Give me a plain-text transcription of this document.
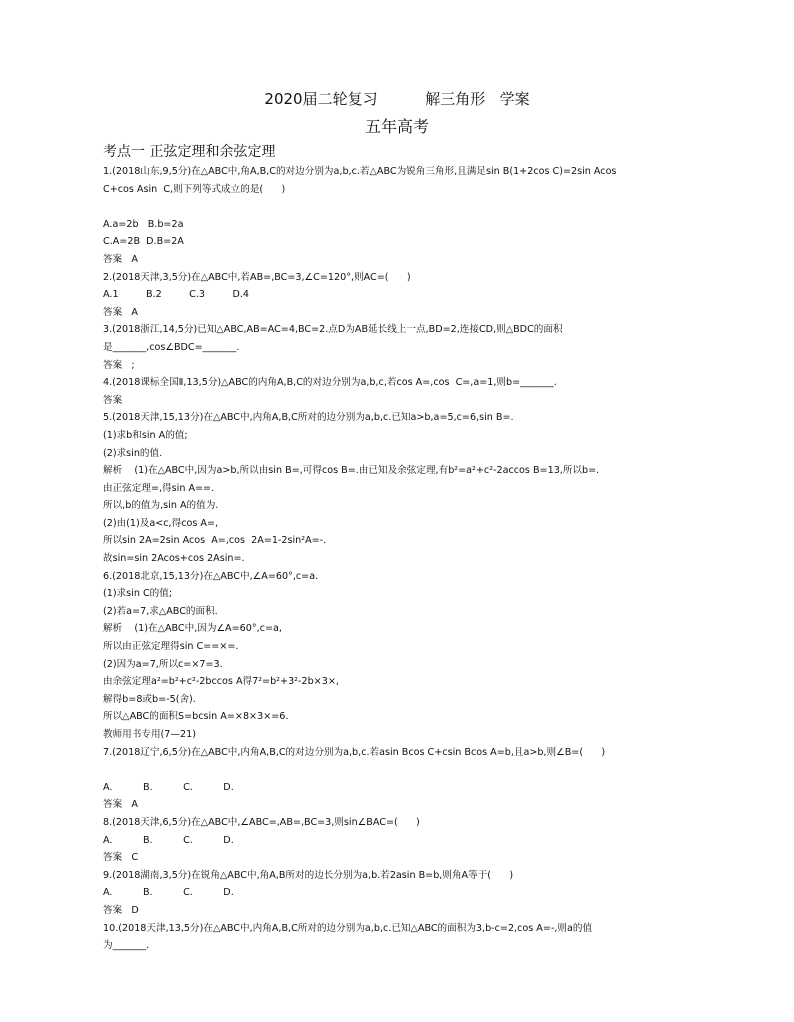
2020届二轮复习          解三角形   学案
五年高考
考点一 正弦定理和余弦定理
1.(2018山东,9,5分)在△ABC中,角A,B,C的对边分别为a,b,c.若△ABC为锐角三角形,且满足sin B(1+2cos C)=2sin Acos
C+cos Asin  C,则下列等式成立的是(      )
A.a=2b   B.b=2a
C.A=2B  D.B=2A
答案   A
2.(2018天津,3,5分)在△ABC中,若AB=,BC=3,∠C=120°,则AC=(      )
A.1         B.2         C.3         D.4
答案   A
3.(2018浙江,14,5分)已知△ABC,AB=AC=4,BC=2.点D为AB延长线上一点,BD=2,连接CD,则△BDC的面积
是_______,cos∠BDC=_______.
答案   ;
4.(2018课标全国Ⅱ,13,5分)△ABC的内角A,B,C的对边分别为a,b,c,若cos A=,cos  C=,a=1,则b=_______.
答案
5.(2018天津,15,13分)在△ABC中,内角A,B,C所对的边分别为a,b,c.已知a>b,a=5,c=6,sin B=.
(1)求b和sin A的值;
(2)求sin的值.
解析    (1)在△ABC中,因为a>b,所以由sin B=,可得cos B=.由已知及余弦定理,有b²=a²+c²-2accos B=13,所以b=.
由正弦定理=,得sin A==.
所以,b的值为,sin A的值为.
(2)由(1)及a<c,得cos A=,
所以sin 2A=2sin Acos  A=,cos  2A=1-2sin²A=-.
故sin=sin 2Acos+cos 2Asin=.
6.(2018北京,15,13分)在△ABC中,∠A=60°,c=a.
(1)求sin C的值;
(2)若a=7,求△ABC的面积.
解析    (1)在△ABC中,因为∠A=60°,c=a,
所以由正弦定理得sin C==×=.
(2)因为a=7,所以c=×7=3.
由余弦定理a²=b²+c²-2bccos A得7²=b²+3²-2b×3×,
解得b=8或b=-5(舍).
所以△ABC的面积S=bcsin A=×8×3×=6.
教师用书专用(7—21)
7.(2018辽宁,6,5分)在△ABC中,内角A,B,C的对边分别为a,b,c.若asin Bcos C+csin Bcos A=b,且a>b,则∠B=(      )
A.          B.          C.          D.
答案   A
8.(2018天津,6,5分)在△ABC中,∠ABC=,AB=,BC=3,则sin∠BAC=(      )
A.          B.          C.          D.
答案   C
9.(2018湖南,3,5分)在锐角△ABC中,角A,B所对的边长分别为a,b.若2asin B=b,则角A等于(      )
A.          B.          C.          D.
答案   D
10.(2018天津,13,5分)在△ABC中,内角A,B,C所对的边分别为a,b,c.已知△ABC的面积为3,b-c=2,cos A=-,则a的值
为_______.
